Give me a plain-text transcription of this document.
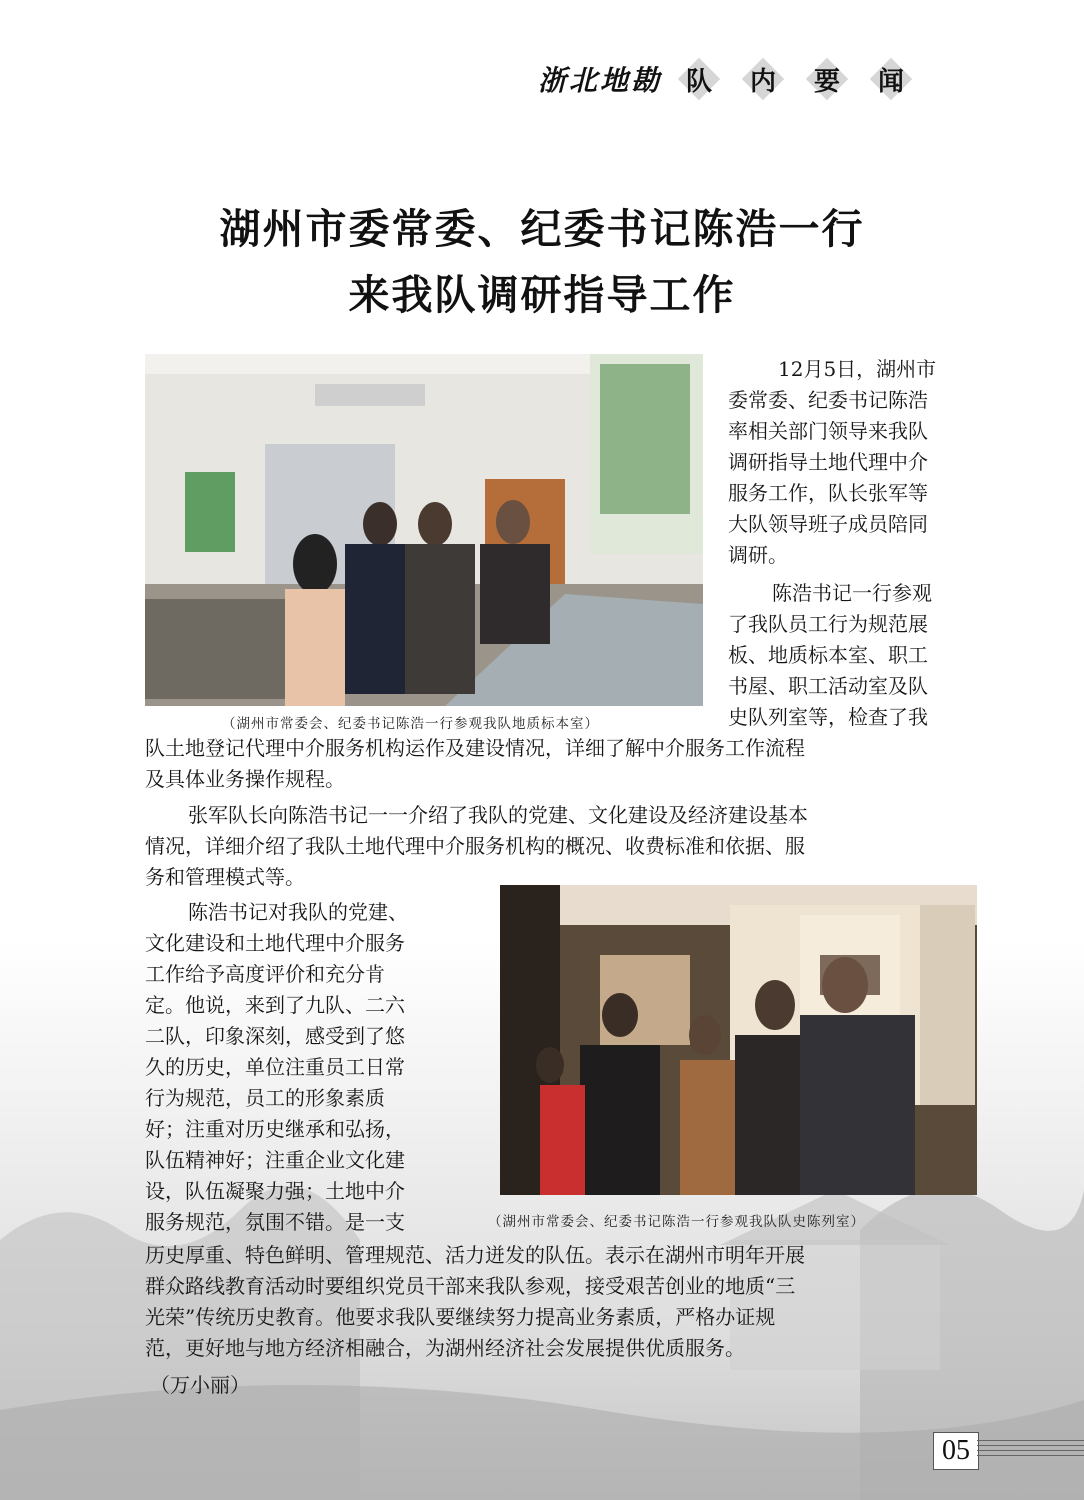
浙北地勘 队 内 要 闻
湖州市委常委、纪委书记陈浩一行
来我队调研指导工作
（湖州市常委会、纪委书记陈浩一行参观我队地质标本室）
（湖州市常委会、纪委书记陈浩一行参观我队队史陈列室）
12月5日，湖州市
委常委、纪委书记陈浩
率相关部门领导来我队
调研指导土地代理中介
服务工作，队长张军等
大队领导班子成员陪同
调研。
陈浩书记一行参观
了我队员工行为规范展
板、地质标本室、职工
书屋、职工活动室及队
史队列室等，检查了我
队土地登记代理中介服务机构运作及建设情况，详细了解中介服务工作流程
及具体业务操作规程。
张军队长向陈浩书记一一介绍了我队的党建、文化建设及经济建设基本
情况，详细介绍了我队土地代理中介服务机构的概况、收费标准和依据、服
务和管理模式等。
陈浩书记对我队的党建、
文化建设和土地代理中介服务
工作给予高度评价和充分肯
定。他说，来到了九队、二六
二队，印象深刻，感受到了悠
久的历史，单位注重员工日常
行为规范，员工的形象素质
好；注重对历史继承和弘扬，
队伍精神好；注重企业文化建
设，队伍凝聚力强；土地中介
服务规范，氛围不错。是一支
历史厚重、特色鲜明、管理规范、活力迸发的队伍。表示在湖州市明年开展
群众路线教育活动时要组织党员干部来我队参观，接受艰苦创业的地质“三
光荣”传统历史教育。他要求我队要继续努力提高业务素质，严格办证规
范，更好地与地方经济相融合，为湖州经济社会发展提供优质服务。
（万小丽）
05
